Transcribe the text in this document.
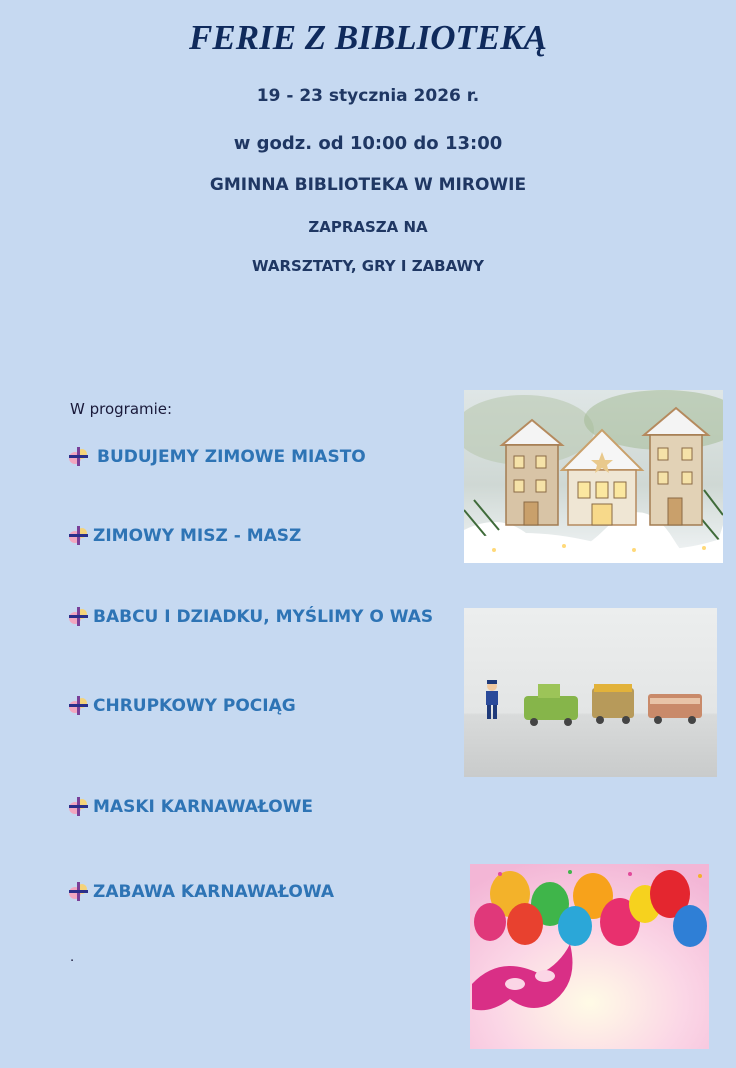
FERIE Z BIBLIOTEKĄ
19 - 23 stycznia 2026 r.
w godz. od 10:00 do 13:00
GMINNA BIBLIOTEKA W MIROWIE
ZAPRASZA NA
WARSZTATY, GRY I ZABAWY
W programie:
BUDUJEMY ZIMOWE MIASTO
ZIMOWY MISZ - MASZ
BABCU I DZIADKU, MYŚLIMY O WAS
CHRUPKOWY POCIĄG
MASKI KARNAWAŁOWE
ZABAWA KARNAWAŁOWA
.
